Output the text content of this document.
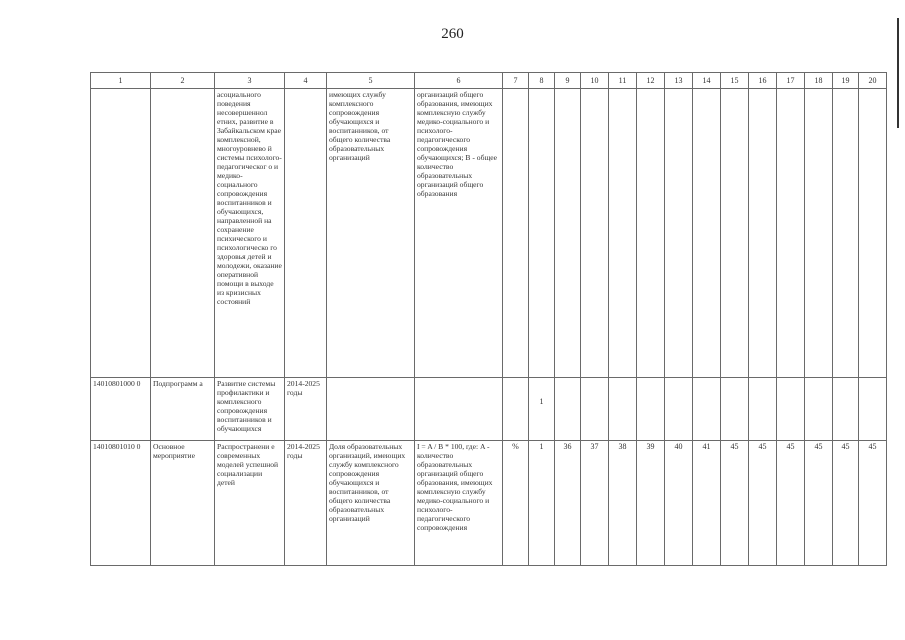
260
1	2	3	4	5	6	7	8	9	10	11	12	13	14	15	16	17	18	19	20
		асоциального поведения несовершеннол етних, развитие в Забайкальском крае комплексной, многоуровнево й системы психолого-педагогическог о и медико-социального сопровождения воспитанников и обучающихся, направленной на сохранение психического и психологическо го здоровья детей и молодежи, оказание оперативной помощи в выходе из кризисных состояний		имеющих службу комплексного сопровождения обучающихся и воспитанников, от общего количества образовательных организаций	организаций общего образования, имеющих комплексную службу медико-социального и психолого-педагогического сопровождения обучающихся; B - общее количество образовательных организаций общего образования														
14010801000 0	Подпрограмм а	Развитие системы профилактики и комплексного сопровождения воспитанников и обучающихся	2014-2025 годы				1												

14010801010 0	Основное мероприятие	Распространени е современных моделей успешной социализации детей	2014-2025 годы	Доля образовательных организаций, имеющих службу комплексного сопровождения обучающихся и воспитанников, от общего количества образовательных организаций	I = A / B * 100, где: A - количество образовательных организаций общего образования, имеющих комплексную службу медико-социального и психолого-педагогического сопровождения	%	1	36	37	38	39	40	41	45	45	45	45	45	45
